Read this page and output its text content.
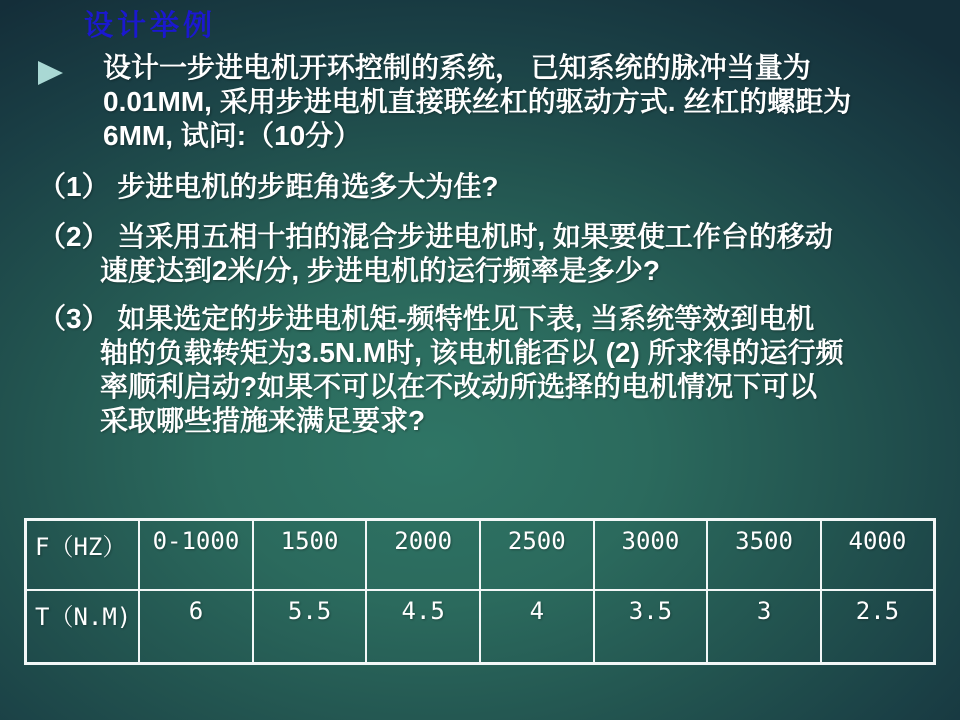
设计举例
设计一步进电机开环控制的系统， 已知系统的脉冲当量为
0.01MM, 采用步进电机直接联丝杠的驱动方式. 丝杠的螺距为
6MM, 试问:（10分）
（1） 步进电机的步距角选多大为佳?
（2） 当采用五相十拍的混合步进电机时, 如果要使工作台的移动
速度达到2米/分, 步进电机的运行频率是多少?
（3） 如果选定的步进电机矩-频特性见下表, 当系统等效到电机
轴的负载转矩为3.5N.M时, 该电机能否以 (2) 所求得的运行频
率顺利启动?如果不可以在不改动所选择的电机情况下可以
采取哪些措施来满足要求?
F（HZ）	0-1000	1500	2000	2500	3000	3500	4000
T（N.M)	6	5.5	4.5	4	3.5	3	2.5
